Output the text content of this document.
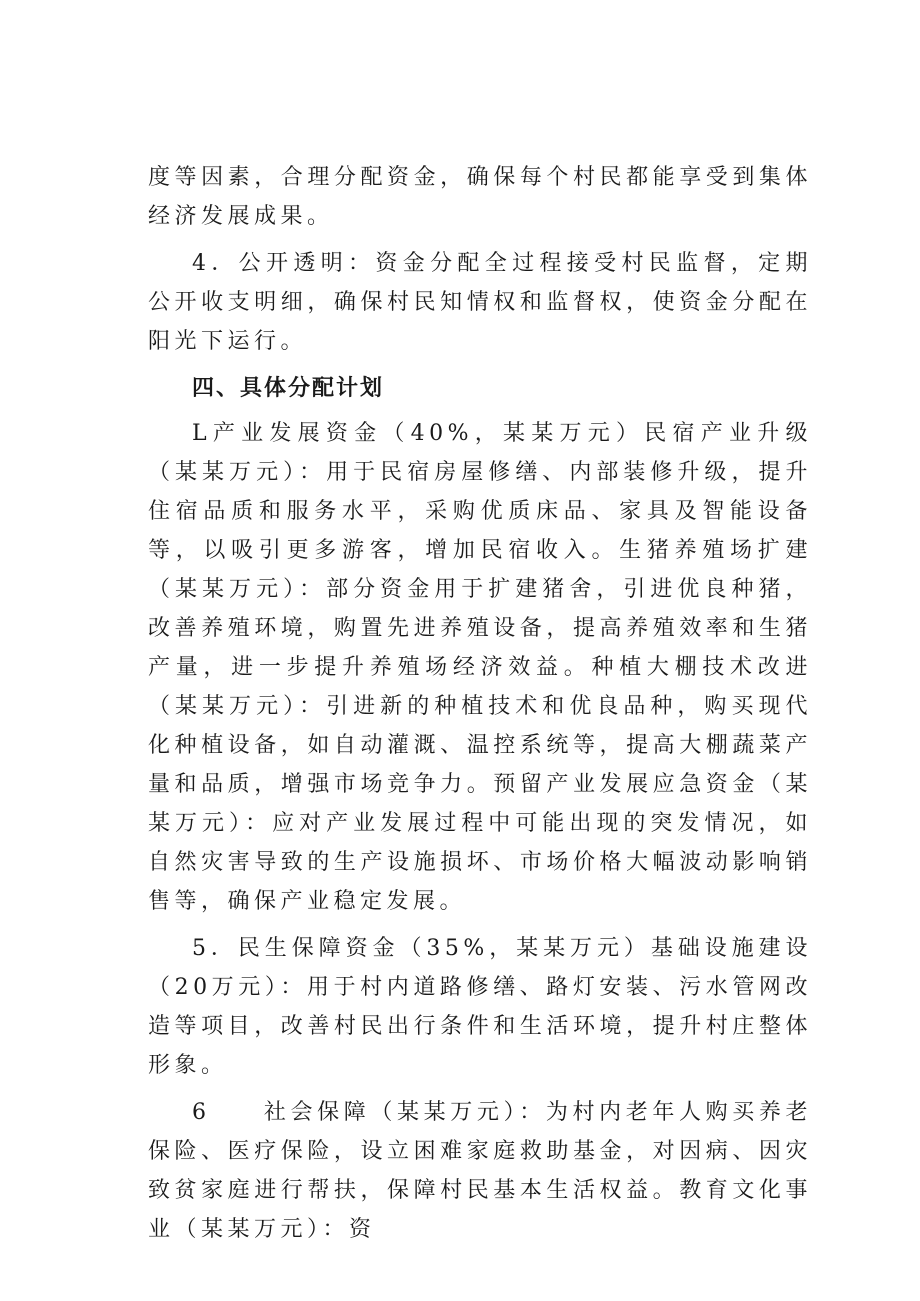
度等因素，合理分配资金，确保每个村民都能享受到集体经济发展成果。

4．公开透明：资金分配全过程接受村民监督，定期公开收支明细，确保村民知情权和监督权，使资金分配在阳光下运行。

四、具体分配计划

L产业发展资金（40%，某某万元）民宿产业升级（某某万元）：用于民宿房屋修缮、内部装修升级，提升住宿品质和服务水平，采购优质床品、家具及智能设备等，以吸引更多游客，增加民宿收入。生猪养殖场扩建（某某万元）：部分资金用于扩建猪舍，引进优良种猪，改善养殖环境，购置先进养殖设备，提高养殖效率和生猪产量，进一步提升养殖场经济效益。种植大棚技术改进（某某万元）：引进新的种植技术和优良品种，购买现代化种植设备，如自动灌溉、温控系统等，提高大棚蔬菜产量和品质，增强市场竞争力。预留产业发展应急资金（某某万元）：应对产业发展过程中可能出现的突发情况，如自然灾害导致的生产设施损坏、市场价格大幅波动影响销售等，确保产业稳定发展。

5．民生保障资金（35%，某某万元）基础设施建设（20万元）：用于村内道路修缮、路灯安装、污水管网改造等项目，改善村民出行条件和生活环境，提升村庄整体形象。

6　　社会保障（某某万元）：为村内老年人购买养老保险、医疗保险，设立困难家庭救助基金，对因病、因灾致贫家庭进行帮扶，保障村民基本生活权益。教育文化事业（某某万元）：资
